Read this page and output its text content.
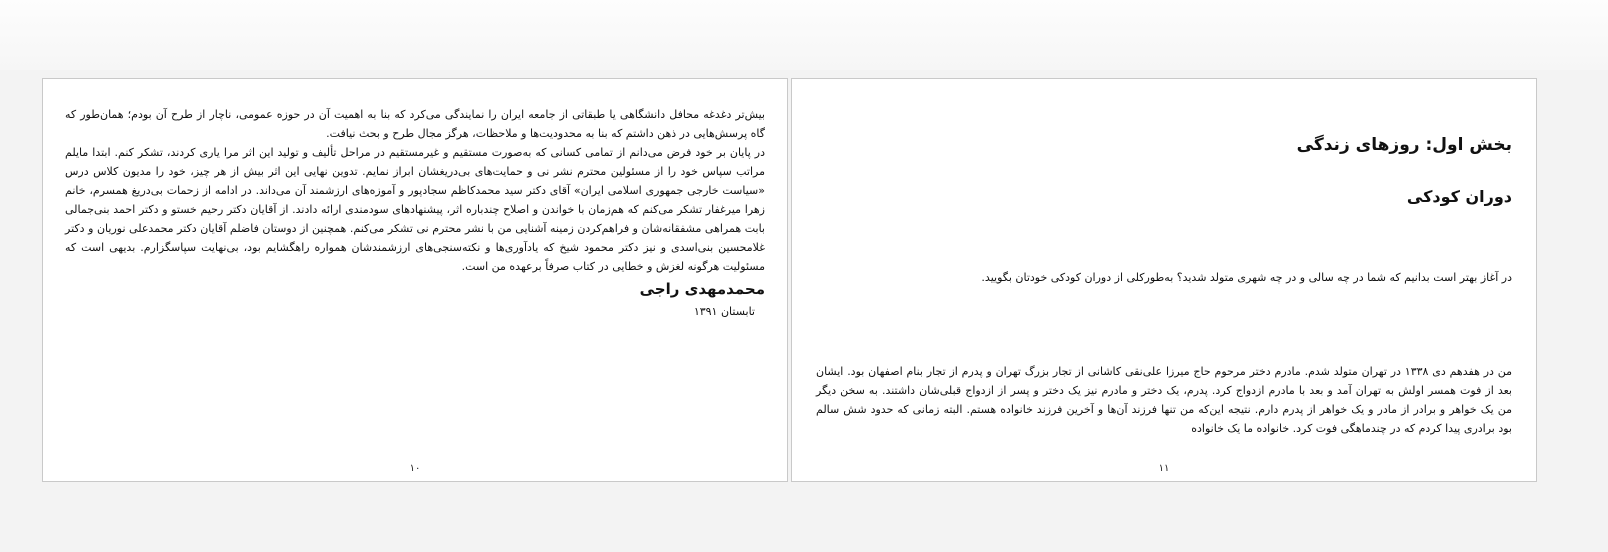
بیش‌تر دغدغه محافل دانشگاهی یا طبقاتی از جامعه ایران را نمایندگی می‌کرد که بنا به اهمیت آن در حوزه عمومی، ناچار از طرح آن بودم؛ همان‌طور که گاه پرسش‌هایی در ذهن داشتم که بنا به محدودیت‌ها و ملاحظات، هرگز مجال طرح و بحث نیافت.

در پایان بر خود فرض می‌دانم از تمامی کسانی که به‌صورت مستقیم و غیرمستقیم در مراحل تألیف و تولید این اثر مرا یاری کردند، تشکر کنم. ابتدا مایلم مراتب سپاس خود را از مسئولین محترم نشر نی و حمایت‌های بی‌دریغشان ابراز نمایم. تدوین نهایی این اثر بیش از هر چیز، خود را مدیون کلاس درس «سیاست خارجی جمهوری اسلامی ایران» آقای دکتر سید محمدکاظم سجادپور و آموزه‌های ارزشمند آن می‌داند. در ادامه از زحمات بی‌دریغ همسرم، خانم زهرا میرغفار تشکر می‌کنم که هم‌زمان با خواندن و اصلاح چندباره اثر، پیشنهادهای سودمندی ارائه دادند. از آقایان دکتر رحیم خستو و دکتر احمد بنی‌جمالی بابت همراهی مشفقانه‌شان و فراهم‌کردن زمینه آشنایی من با نشر محترم نی تشکر می‌کنم. همچنین از دوستان فاضلم آقایان دکتر محمدعلی نوریان و دکتر غلامحسین بنی‌اسدی و نیز دکتر محمود شیخ که یادآوری‌ها و نکته‌سنجی‌های ارزشمندشان همواره راهگشایم بود، بی‌نهایت سپاسگزارم. بدیهی است که مسئولیت هرگونه لغزش و خطایی در کتاب صرفاً برعهده من است.

محمدمهدی راجی
تابستان ۱۳۹۱
۱۰
بخش اول: روزهای زندگی
دوران کودکی
در آغاز بهتر است بدانیم که شما در چه سالی و در چه شهری متولد شدید؟ به‌طورکلی از دوران کودکی خودتان بگویید.

من در هفدهم دی ۱۳۳۸ در تهران متولد شدم. مادرم دختر مرحوم حاج میرزا علی‌نقی کاشانی از تجار بزرگ تهران و پدرم از تجار بنام اصفهان بود. ایشان بعد از فوت همسر اولش به تهران آمد و بعد با مادرم ازدواج کرد. پدرم، یک دختر و مادرم نیز یک دختر و پسر از ازدواج قبلی‌شان داشتند. به سخن دیگر من یک خواهر و برادر از مادر و یک خواهر از پدرم دارم. نتیجه این‌که من تنها فرزند آن‌ها و آخرین فرزند خانواده هستم. البته زمانی که حدود شش سالم بود برادری پیدا کردم که در چندماهگی فوت کرد. خانواده ما یک خانواده

۱۱
